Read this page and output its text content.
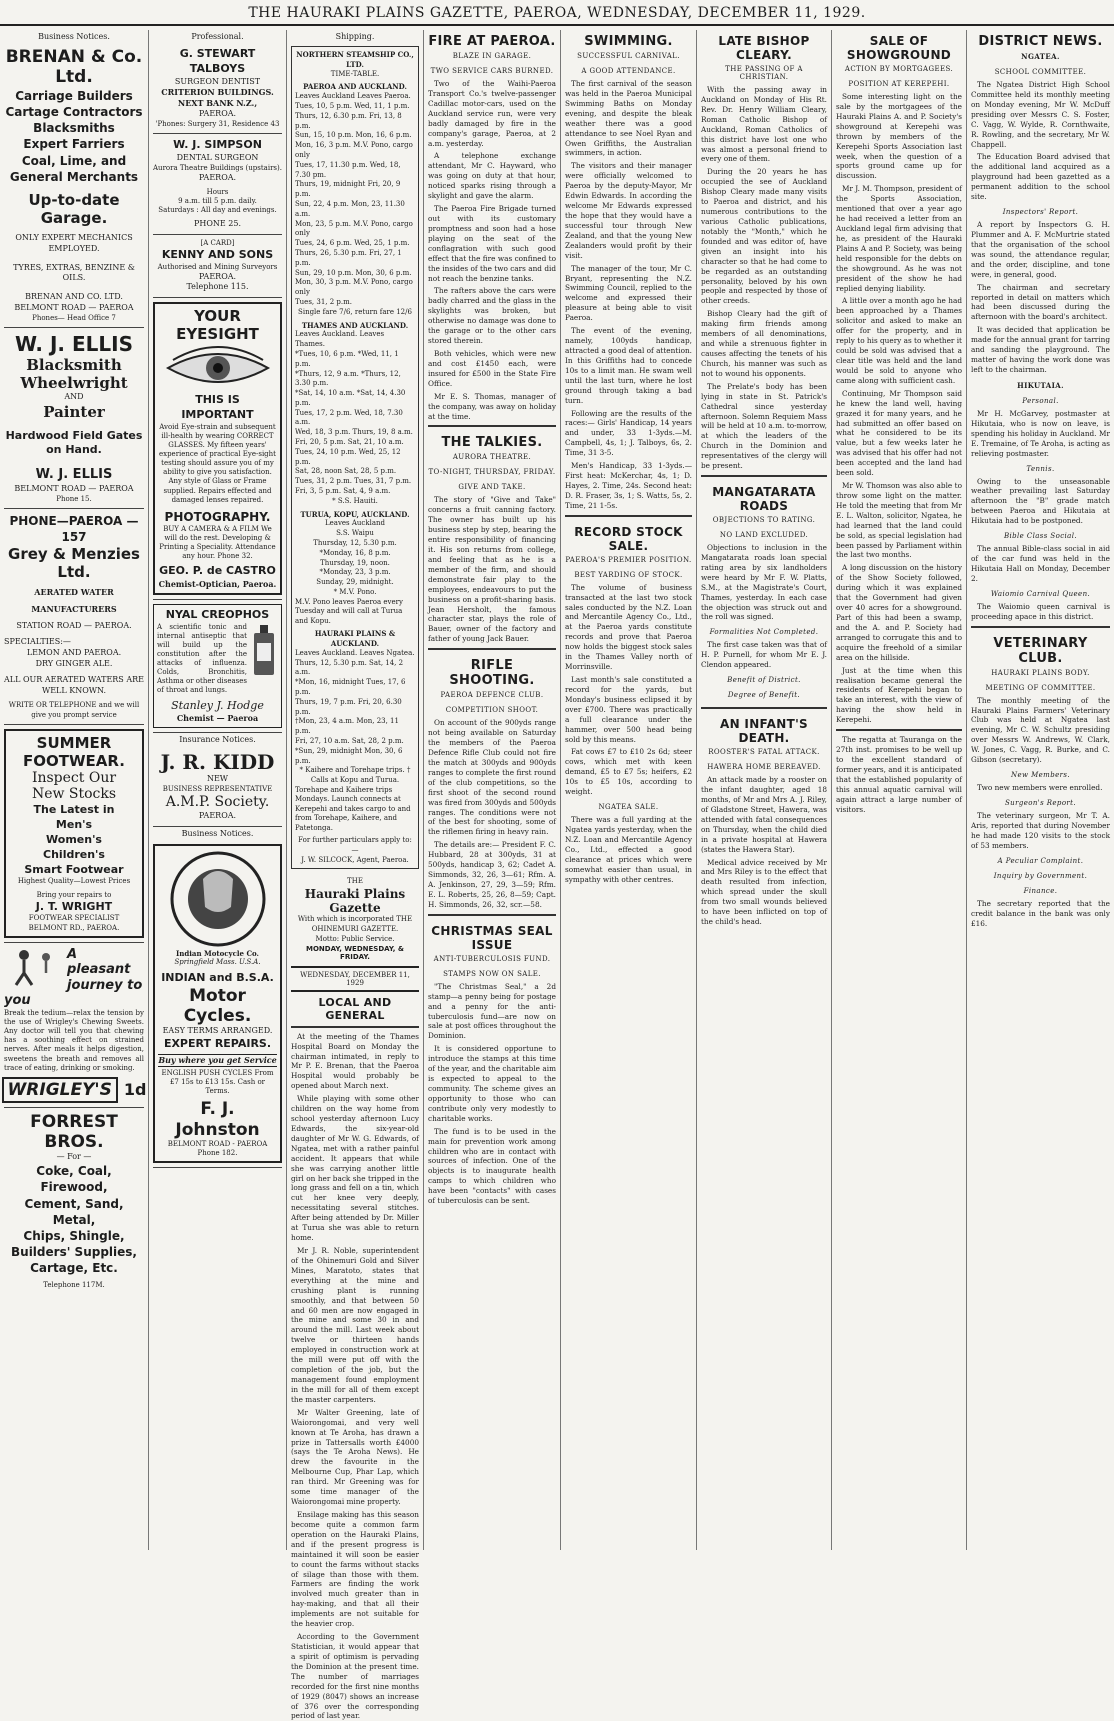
THE HAURAKI PLAINS GAZETTE, PAEROA, WEDNESDAY, DECEMBER 11, 1929.
Business Notices.
BRENAN & Co. Ltd.
Carriage Builders
Cartage Contractors
Blacksmiths
Expert Farriers
Coal, Lime, and
General Merchants
Up-to-date Garage.
ONLY EXPERT MECHANICS EMPLOYED.
TYRES, EXTRAS, BENZINE & OILS.
BRENAN AND CO. LTD. BELMONT ROAD — PAEROA
Phones— Head Office 7
W. J. ELLIS
Blacksmith
Wheelwright
AND
Painter
Hardwood Field Gates on Hand.
W. J. ELLIS
BELMONT ROAD — PAEROA
Phone 15.
PHONE—PAEROA —157
Grey & Menzies Ltd.
AERATED WATER
MANUFACTURERS
STATION ROAD — PAEROA.
SPECIALTIES:—
LEMON AND PAEROA.
DRY GINGER ALE.
ALL OUR AERATED WATERS ARE WELL KNOWN.
WRITE OR TELEPHONE and we will give you prompt service
SUMMER FOOTWEAR.
Inspect Our
New Stocks
The Latest in
Men's
Women's
Children's
Smart Footwear
Highest Quality—Lowest Prices
Bring your repairs to
J. T. WRIGHT
FOOTWEAR SPECIALIST
BELMONT RD., PAEROA.
A pleasant journey to you
Break the tedium—relax the tension by the use of Wrigley's Chewing Sweets. Any doctor will tell you that chewing has a soothing effect on strained nerves. After meals it helps digestion, sweetens the breath and removes all trace of eating, drinking or smoking.
WRIGLEY'S 1d
FORREST BROS.
— For —
Coke, Coal, Firewood,
Cement, Sand, Metal,
Chips, Shingle,
Builders' Supplies,
Cartage, Etc.
Telephone 117M.
Professional.
G. STEWART TALBOYS
SURGEON DENTIST
CRITERION BUILDINGS.
NEXT BANK N.Z.,
PAEROA.
'Phones: Surgery 31, Residence 43
W. J. SIMPSON
DENTAL SURGEON
Aurora Theatre Buildings (upstairs).
PAEROA.
Hours
9 a.m. till 5 p.m. daily.
Saturdays : All day and evenings.
PHONE 25.
[A CARD]
KENNY AND SONS
Authorised and Mining Surveyors
PAEROA.
Telephone 115.
YOUR EYESIGHT
THIS IS IMPORTANT
Avoid Eye-strain and subsequent ill-health by wearing CORRECT GLASSES. My fifteen years' experience of practical Eye-sight testing should assure you of my ability to give you satisfaction. Any style of Glass or Frame supplied. Repairs effected and damaged lenses repaired.
PHOTOGRAPHY.
BUY A CAMERA & A FILM We will do the rest. Developing & Printing a Speciality. Attendance any hour. Phone 32.
GEO. P. de CASTRO
Chemist-Optician, Paeroa.
NYAL CREOPHOS
A scientific tonic and internal antiseptic that will build up the constitution after the attacks of influenza. Colds, Bronchitis, Asthma or other diseases of throat and lungs.
Stanley J. Hodge
Chemist — Paeroa
Insurance Notices.
J. R. KIDD
NEW
BUSINESS REPRESENTATIVE
A.M.P. Society.
PAEROA.
Business Notices.
Indian Motocycle Co.
Springfield Mass. U.S.A.
INDIAN and B.S.A.
Motor Cycles.
EASY TERMS ARRANGED.
EXPERT REPAIRS.
Buy where you get Service
ENGLISH PUSH CYCLES From £7 15s to £13 15s. Cash or Terms.
F. J. Johnston
BELMONT ROAD - PAEROA
Phone 182.
Shipping.
NORTHERN STEAMSHIP CO., LTD.
TIME-TABLE.
PAEROA AND AUCKLAND.
Leaves Auckland Leaves Paeroa.
Tues, 10, 5 p.m. Wed, 11, 1 p.m.
Thurs, 12, 6.30 p.m. Fri, 13, 8 p.m.
Sun, 15, 10 p.m. Mon, 16, 6 p.m.
Mon, 16, 3 p.m. M.V. Pono, cargo only
Tues, 17, 11.30 p.m. Wed, 18, 7.30 pm.
Thurs, 19, midnight Fri, 20, 9 p.m.
Sun, 22, 4 p.m. Mon, 23, 11.30 a.m.
Mon, 23, 5 p.m. M.V. Pono, cargo only
Tues, 24, 6 p.m. Wed, 25, 1 p.m.
Thurs, 26, 5.30 p.m. Fri, 27, 1 p.m.
Sun, 29, 10 p.m. Mon, 30, 6 p.m.
Mon, 30, 3 p.m. M.V. Pono, cargo only
Tues, 31, 2 p.m.
Single fare 7/6, return fare 12/6
THAMES AND AUCKLAND.
Leaves Auckland. Leaves Thames.
*Tues, 10, 6 p.m. *Wed, 11, 1 p.m.
*Thurs, 12, 9 a.m. *Thurs, 12, 3.30 p.m.
*Sat, 14, 10 a.m. *Sat, 14, 4.30 p.m.
Tues, 17, 2 p.m. Wed, 18, 7.30 a.m.
Wed, 18, 3 p.m. Thurs, 19, 8 a.m.
Fri, 20, 5 p.m. Sat, 21, 10 a.m.
Tues, 24, 10 p.m. Wed, 25, 12 p.m.
Sat, 28, noon Sat, 28, 5 p.m.
Tues, 31, 2 p.m. Tues, 31, 7 p.m.
Fri, 3, 5 p.m. Sat, 4, 9 a.m.
* S.S. Hauiti.
TURUA, KOPU, AUCKLAND.
Leaves Auckland
S.S. Waipu
Thursday, 12, 5.30 p.m.
*Monday, 16, 8 p.m.
Thursday, 19, noon.
*Monday, 23, 3 p.m.
Sunday, 29, midnight.
* M.V. Pono.
M.V. Pono leaves Paeroa every Tuesday and will call at Turua and Kopu.
HAURAKI PLAINS & AUCKLAND.
Leaves Auckland. Leaves Ngatea.
Thurs, 12, 5.30 p.m. Sat, 14, 2 a.m.
*Mon, 16, midnight Tues, 17, 6 p.m.
Thurs, 19, 7 p.m. Fri, 20, 6.30 p.m.
†Mon, 23, 4 a.m. Mon, 23, 11 p.m.
Fri, 27, 10 a.m. Sat, 28, 2 p.m.
*Sun, 29, midnight Mon, 30, 6 p.m.
* Kaihere and Torehape trips. † Calls at Kopu and Turua.
Torehape and Kaihere trips Mondays. Launch connects at Kerepehi and takes cargo to and from Torehape, Kaihere, and Patetonga.
For further particulars apply to:—
J. W. SILCOCK, Agent, Paeroa.
THE
Hauraki Plains Gazette
With which is incorporated THE OHINEMURI GAZETTE.
Motto: Public Service.
MONDAY, WEDNESDAY, & FRIDAY.
WEDNESDAY, DECEMBER 11, 1929
LOCAL AND GENERAL

At the meeting of the Thames Hospital Board on Monday the chairman intimated, in reply to Mr P. E. Brenan, that the Paeroa Hospital would probably be opened about March next.

While playing with some other children on the way home from school yesterday afternoon Lucy Edwards, the six-year-old daughter of Mr W. G. Edwards, of Ngatea, met with a rather painful accident. It appears that while she was carrying another little girl on her back she tripped in the long grass and fell on a tin, which cut her knee very deeply, necessitating several stitches. After being attended by Dr. Miller at Turua she was able to return home.

Mr J. R. Noble, superintendent of the Ohinemuri Gold and Silver Mines, Maratoto, states that everything at the mine and crushing plant is running smoothly, and that between 50 and 60 men are now engaged in the mine and some 30 in and around the mill. Last week about twelve or thirteen hands employed in construction work at the mill were put off with the completion of the job, but the management found employment in the mill for all of them except the master carpenters.

Mr Walter Greening, late of Waiorongomai, and very well known at Te Aroha, has drawn a prize in Tattersalls worth £4000 (says the Te Aroha News). He drew the favourite in the Melbourne Cup, Phar Lap, which ran third. Mr Greening was for some time manager of the Waiorongomai mine property.

Ensilage making has this season become quite a common farm operation on the Hauraki Plains, and if the present progress is maintained it will soon be easier to count the farms without stacks of silage than those with them. Farmers are finding the work involved much greater than in hay-making, and that all their implements are not suitable for the heavier crop.

According to the Government Statistician, it would appear that a spirit of optimism is pervading the Dominion at the present time. The number of marriages recorded for the first nine months of 1929 (8047) shows an increase of 376 over the corresponding period of last year.

FIRE AT PAEROA.
BLAZE IN GARAGE.
TWO SERVICE CARS BURNED.

Two of the Waihi-Paeroa Transport Co.'s twelve-passenger Cadillac motor-cars, used on the Auckland service run, were very badly damaged by fire in the company's garage, Paeroa, at 2 a.m. yesterday.

A telephone exchange attendant, Mr C. Hayward, who was going on duty at that hour, noticed sparks rising through a skylight and gave the alarm.

The Paeroa Fire Brigade turned out with its customary promptness and soon had a hose playing on the seat of the conflagration with such good effect that the fire was confined to the insides of the two cars and did not reach the benzine tanks.

The rafters above the cars were badly charred and the glass in the skylights was broken, but otherwise no damage was done to the garage or to the other cars stored therein.

Both vehicles, which were new and cost £1450 each, were insured for £500 in the State Fire Office.

Mr E. S. Thomas, manager of the company, was away on holiday at the time.

THE TALKIES.
AURORA THEATRE.
TO-NIGHT, THURSDAY, FRIDAY.
GIVE AND TAKE.

The story of "Give and Take" concerns a fruit canning factory. The owner has built up his business step by step, bearing the entire responsibility of financing it. His son returns from college, and feeling that as he is a member of the firm, and should demonstrate fair play to the employees, endeavours to put the business on a profit-sharing basis. Jean Hersholt, the famous character star, plays the role of Bauer, owner of the factory and father of young Jack Bauer.

RIFLE SHOOTING.
PAEROA DEFENCE CLUB.
COMPETITION SHOOT.

On account of the 900yds range not being available on Saturday the members of the Paeroa Defence Rifle Club could not fire the match at 300yds and 900yds ranges to complete the first round of the club competitions, so the first shoot of the second round was fired from 300yds and 500yds ranges. The conditions were not of the best for shooting, some of the riflemen firing in heavy rain.

The details are:— President F. C. Hubbard, 28 at 300yds, 31 at 500yds, handicap 3, 62; Cadet A. Simmonds, 32, 26, 3—61; Rfm. A. A. Jenkinson, 27, 29, 3—59; Rfm. E. L. Roberts, 25, 26, 8—59; Capt. H. Simmonds, 26, 32, scr.—58.

CHRISTMAS SEAL ISSUE
ANTI-TUBERCULOSIS FUND.
STAMPS NOW ON SALE.

"The Christmas Seal," a 2d stamp—a penny being for postage and a penny for the anti-tuberculosis fund—are now on sale at post offices throughout the Dominion.

It is considered opportune to introduce the stamps at this time of the year, and the charitable aim is expected to appeal to the community. The scheme gives an opportunity to those who can contribute only very modestly to charitable works.

The fund is to be used in the main for prevention work among children who are in contact with sources of infection. One of the objects is to inaugurate health camps to which children who have been "contacts" with cases of tuberculosis can be sent.

SWIMMING.
SUCCESSFUL CARNIVAL.
A GOOD ATTENDANCE.

The first carnival of the season was held in the Paeroa Municipal Swimming Baths on Monday evening, and despite the bleak weather there was a good attendance to see Noel Ryan and Owen Griffiths, the Australian swimmers, in action.

The visitors and their manager were officially welcomed to Paeroa by the deputy-Mayor, Mr Edwin Edwards. In according the welcome Mr Edwards expressed the hope that they would have a successful tour through New Zealand, and that the young New Zealanders would profit by their visit.

The manager of the tour, Mr C. Bryant, representing the N.Z. Swimming Council, replied to the welcome and expressed their pleasure at being able to visit Paeroa.

The event of the evening, namely, 100yds handicap, attracted a good deal of attention. In this Griffiths had to concede 10s to a limit man. He swam well until the last turn, where he lost ground through taking a bad turn.

Following are the results of the races:— Girls' Handicap, 14 years and under, 33 1-3yds.—M. Campbell, 4s, 1; J. Talboys, 6s, 2. Time, 31 3-5.

Men's Handicap, 33 1-3yds.—First heat: McKerchar, 4s, 1; D. Hayes, 2. Time, 24s. Second heat: D. R. Fraser, 3s, 1; S. Watts, 5s, 2. Time, 21 1-5s.

RECORD STOCK SALE.
PAEROA'S PREMIER POSITION.
BEST YARDING OF STOCK.

The volume of business transacted at the last two stock sales conducted by the N.Z. Loan and Mercantile Agency Co., Ltd., at the Paeroa yards constitute records and prove that Paeroa now holds the biggest stock sales in the Thames Valley north of Morrinsville.

Last month's sale constituted a record for the yards, but Monday's business eclipsed it by over £700. There was practically a full clearance under the hammer, over 500 head being sold by this means.

Fat cows £7 to £10 2s 6d; steer cows, which met with keen demand, £5 to £7 5s; heifers, £2 10s to £5 10s, according to weight.

NGATEA SALE.

There was a full yarding at the Ngatea yards yesterday, when the N.Z. Loan and Mercantile Agency Co., Ltd., effected a good clearance at prices which were somewhat easier than usual, in sympathy with other centres.

LATE BISHOP CLEARY.
THE PASSING OF A CHRISTIAN.

With the passing away in Auckland on Monday of His Rt. Rev. Dr. Henry William Cleary, Roman Catholic Bishop of Auckland, Roman Catholics of this district have lost one who was almost a personal friend to every one of them.

During the 20 years he has occupied the see of Auckland Bishop Cleary made many visits to Paeroa and district, and his numerous contributions to the various Catholic publications, notably the "Month," which he founded and was editor of, have given an insight into his character so that he had come to be regarded as an outstanding personality, beloved by his own people and respected by those of other creeds.

Bishop Cleary had the gift of making firm friends among members of all denominations, and while a strenuous fighter in causes affecting the tenets of his Church, his manner was such as not to wound his opponents.

The Prelate's body has been lying in state in St. Patrick's Cathedral since yesterday afternoon. Solemn Requiem Mass will be held at 10 a.m. to-morrow, at which the leaders of the Church in the Dominion and representatives of the clergy will be present.

MANGATARATA ROADS
OBJECTIONS TO RATING.
NO LAND EXCLUDED.

Objections to inclusion in the Mangatarata roads loan special rating area by six landholders were heard by Mr F. W. Platts, S.M., at the Magistrate's Court, Thames, yesterday. In each case the objection was struck out and the roll was signed.

Formalities Not Completed.

The first case taken was that of H. P. Purnell, for whom Mr E. J. Clendon appeared.

Benefit of District.
Degree of Benefit.
AN INFANT'S DEATH.
ROOSTER'S FATAL ATTACK.
HAWERA HOME BEREAVED.

An attack made by a rooster on the infant daughter, aged 18 months, of Mr and Mrs A. J. Riley, of Gladstone Street, Hawera, was attended with fatal consequences on Thursday, when the child died in a private hospital at Hawera (states the Hawera Star).

Medical advice received by Mr and Mrs Riley is to the effect that death resulted from infection, which spread under the skull from two small wounds believed to have been inflicted on top of the child's head.

SALE OF SHOWGROUND
ACTION BY MORTGAGEES.
POSITION AT KEREPEHI.

Some interesting light on the sale by the mortgagees of the Hauraki Plains A. and P. Society's showground at Kerepehi was thrown by members of the Kerepehi Sports Association last week, when the question of a sports ground came up for discussion.

Mr J. M. Thompson, president of the Sports Association, mentioned that over a year ago he had received a letter from an Auckland legal firm advising that he, as president of the Hauraki Plains A and P. Society, was being held responsible for the debts on the showground. As he was not president of the show he had replied denying liability.

A little over a month ago he had been approached by a Thames solicitor and asked to make an offer for the property, and in reply to his query as to whether it could be sold was advised that a clear title was held and the land would be sold to anyone who came along with sufficient cash.

Continuing, Mr Thompson said he knew the land well, having grazed it for many years, and he had submitted an offer based on what he considered to be its value, but a few weeks later he was advised that his offer had not been accepted and the land had been sold.

Mr W. Thomson was also able to throw some light on the matter. He told the meeting that from Mr E. L. Walton, solicitor, Ngatea, he had learned that the land could be sold, as special legislation had been passed by Parliament within the last two months.

A long discussion on the history of the Show Society followed, during which it was explained that the Government had given over 40 acres for a showground. Part of this had been a swamp, and the A. and P. Society had arranged to corrugate this and to acquire the freehold of a similar area on the hillside.

Just at the time when this realisation became general the residents of Kerepehi began to take an interest, with the view of having the show held in Kerepehi.

The regatta at Tauranga on the 27th inst. promises to be well up to the excellent standard of former years, and it is anticipated that the established popularity of this annual aquatic carnival will again attract a large number of visitors.

DISTRICT NEWS.
NGATEA.
SCHOOL COMMITTEE.

The Ngatea District High School Committee held its monthly meeting on Monday evening, Mr W. McDuff presiding over Messrs C. S. Foster, C. Vagg, W. Wylde, R. Cornthwaite, R. Rowling, and the secretary, Mr W. Chappell.

The Education Board advised that the additional land acquired as a playground had been gazetted as a permanent addition to the school site.

Inspectors' Report.

A report by Inspectors G. H. Plummer and A. F. McMurtrie stated that the organisation of the school was sound, the attendance regular, and the order, discipline, and tone were, in general, good.

The chairman and secretary reported in detail on matters which had been discussed during the afternoon with the board's architect.

It was decided that application be made for the annual grant for tarring and sanding the playground. The matter of having the work done was left to the chairman.

HIKUTAIA.
Personal.

Mr H. McGarvey, postmaster at Hikutaia, who is now on leave, is spending his holiday in Auckland. Mr E. Tremaine, of Te Aroha, is acting as relieving postmaster.

Tennis.

Owing to the unseasonable weather prevailing last Saturday afternoon the "B" grade match between Paeroa and Hikutaia at Hikutaia had to be postponed.

Bible Class Social.

The annual Bible-class social in aid of the car fund was held in the Hikutaia Hall on Monday, December 2.

Waiomio Carnival Queen.

The Waiomio queen carnival is proceeding apace in this district.

VETERINARY CLUB.
HAURAKI PLAINS BODY.
MEETING OF COMMITTEE.

The monthly meeting of the Hauraki Plains Farmers' Veterinary Club was held at Ngatea last evening, Mr C. W. Schultz presiding over Messrs W. Andrews, W. Clark, W. Jones, C. Vagg, R. Burke, and C. Gibson (secretary).

New Members.

Two new members were enrolled.

Surgeon's Report.

The veterinary surgeon, Mr T. A. Aris, reported that during November he had made 120 visits to the stock of 53 members.

A Peculiar Complaint.
Inquiry by Government.
Finance.

The secretary reported that the credit balance in the bank was only £16.
